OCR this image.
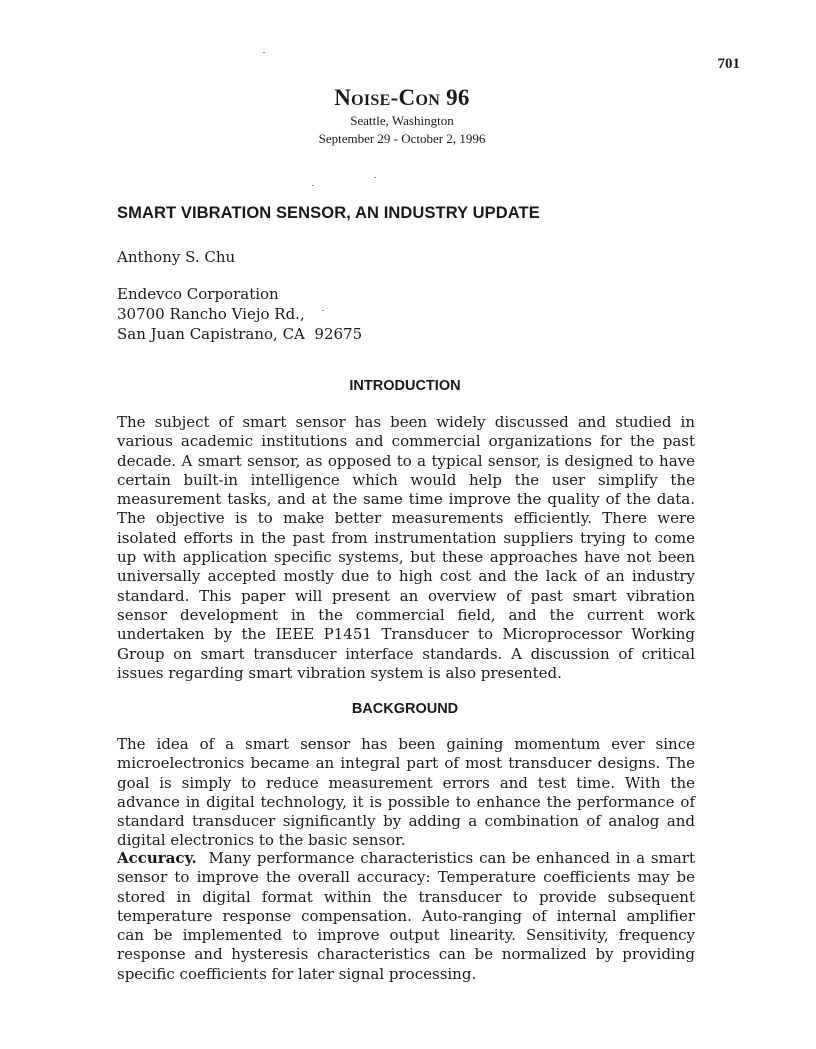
701
Noise-Con 96
Seattle, Washington
September 29 - October 2, 1996
SMART VIBRATION SENSOR, AN INDUSTRY UPDATE
Anthony S. Chu
Endevco Corporation
30700 Rancho Viejo Rd.,
San Juan Capistrano, CA  92675
INTRODUCTION
The subject of smart sensor has been widely discussed and studied in various academic institutions and commercial organizations for the past decade. A smart sensor, as opposed to a typical sensor, is designed to have certain built-in intelligence which would help the user simplify the measurement tasks, and at the same time improve the quality of the data. The objective is to make better measurements efficiently. There were isolated efforts in the past from instrumentation suppliers trying to come up with application specific systems, but these approaches have not been universally accepted mostly due to high cost and the lack of an industry standard. This paper will present an overview of past smart vibration sensor development in the commercial field, and the current work undertaken by the IEEE P1451 Transducer to Microprocessor Working Group on smart transducer interface standards. A discussion of critical issues regarding smart vibration system is also presented.
BACKGROUND
The idea of a smart sensor has been gaining momentum ever since microelectronics became an integral part of most transducer designs. The goal is simply to reduce measurement errors and test time. With the advance in digital technology, it is possible to enhance the performance of standard transducer significantly by adding a combination of analog and digital electronics to the basic sensor.
Accuracy. Many performance characteristics can be enhanced in a smart sensor to improve the overall accuracy: Temperature coefficients may be stored in digital format within the transducer to provide subsequent temperature response compensation. Auto-ranging of internal amplifier can be implemented to improve output linearity. Sensitivity, frequency response and hysteresis characteristics can be normalized by providing specific coefficients for later signal processing.
